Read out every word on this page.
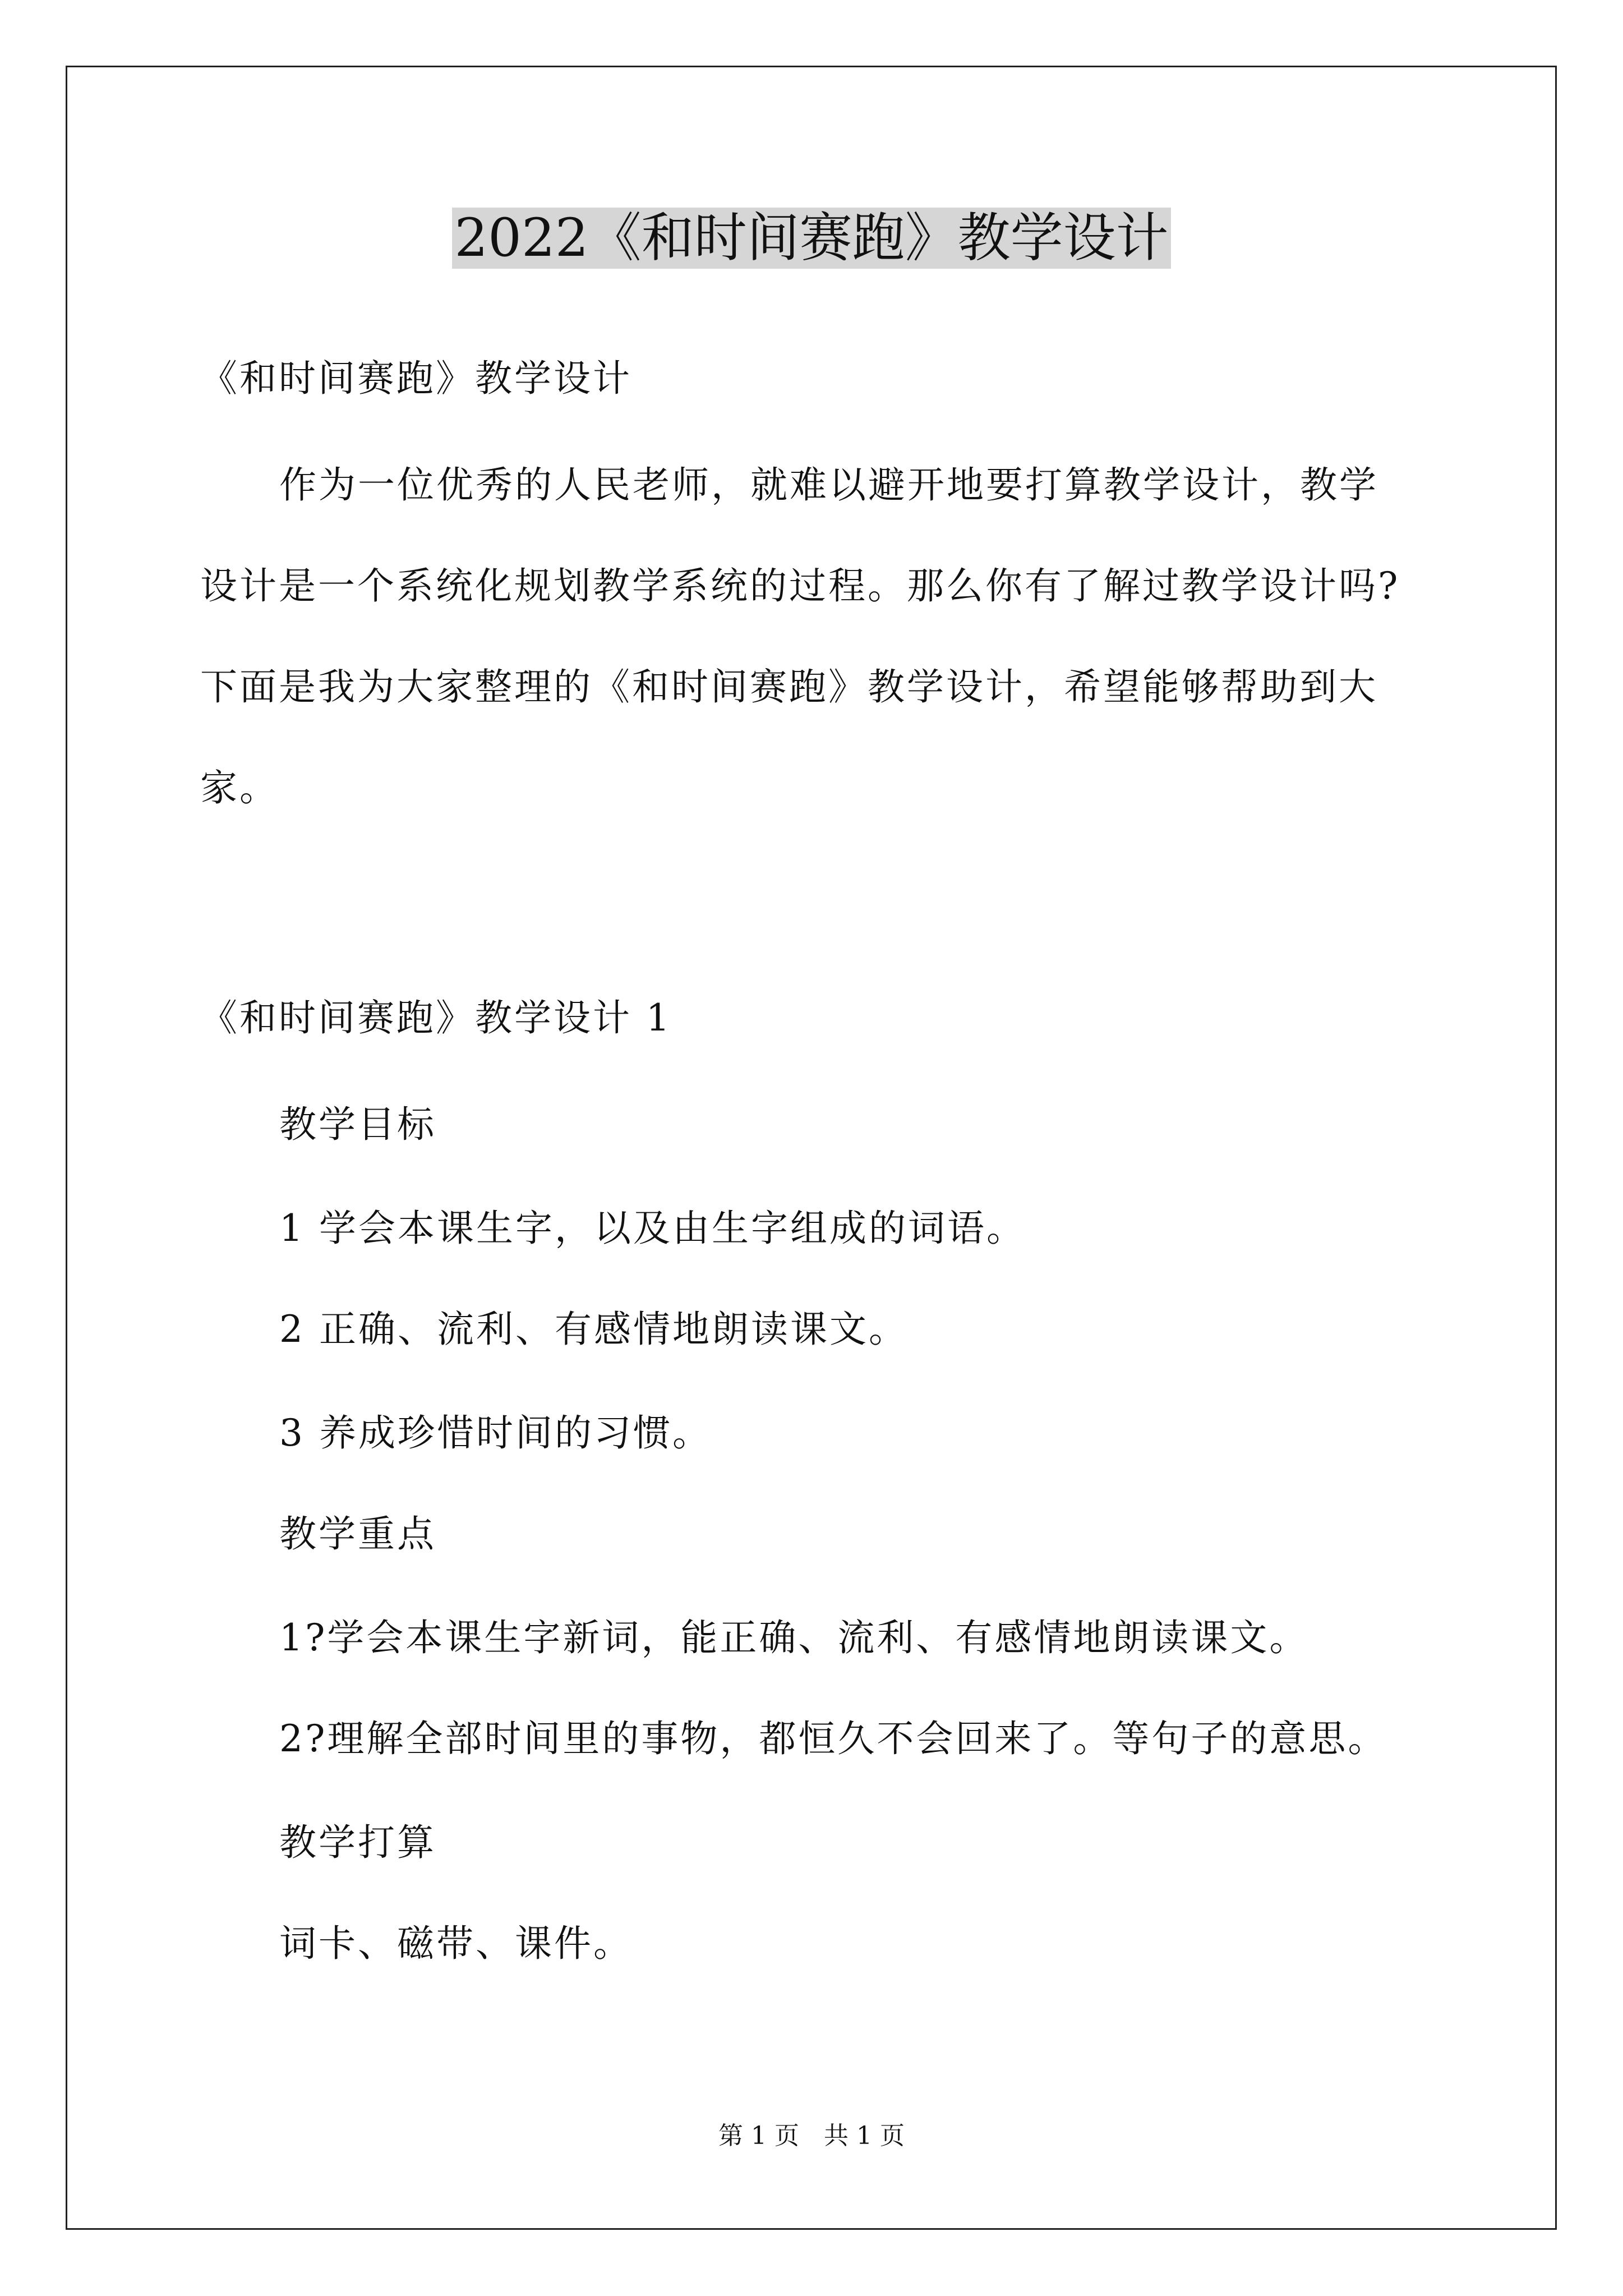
2022《和时间赛跑》教学设计
《和时间赛跑》教学设计
作为一位优秀的人民老师，就难以避开地要打算教学设计，教学
设计是一个系统化规划教学系统的过程。那么你有了解过教学设计吗?
下面是我为大家整理的《和时间赛跑》教学设计，希望能够帮助到大
家。
《和时间赛跑》教学设计 1
教学目标
1 学会本课生字，以及由生字组成的词语。
2 正确、流利、有感情地朗读课文。
3 养成珍惜时间的习惯。
教学重点
1?学会本课生字新词，能正确、流利、有感情地朗读课文。
2?理解全部时间里的事物，都恒久不会回来了。等句子的意思。
教学打算
词卡、磁带、课件。
第 1 页　共 1 页
